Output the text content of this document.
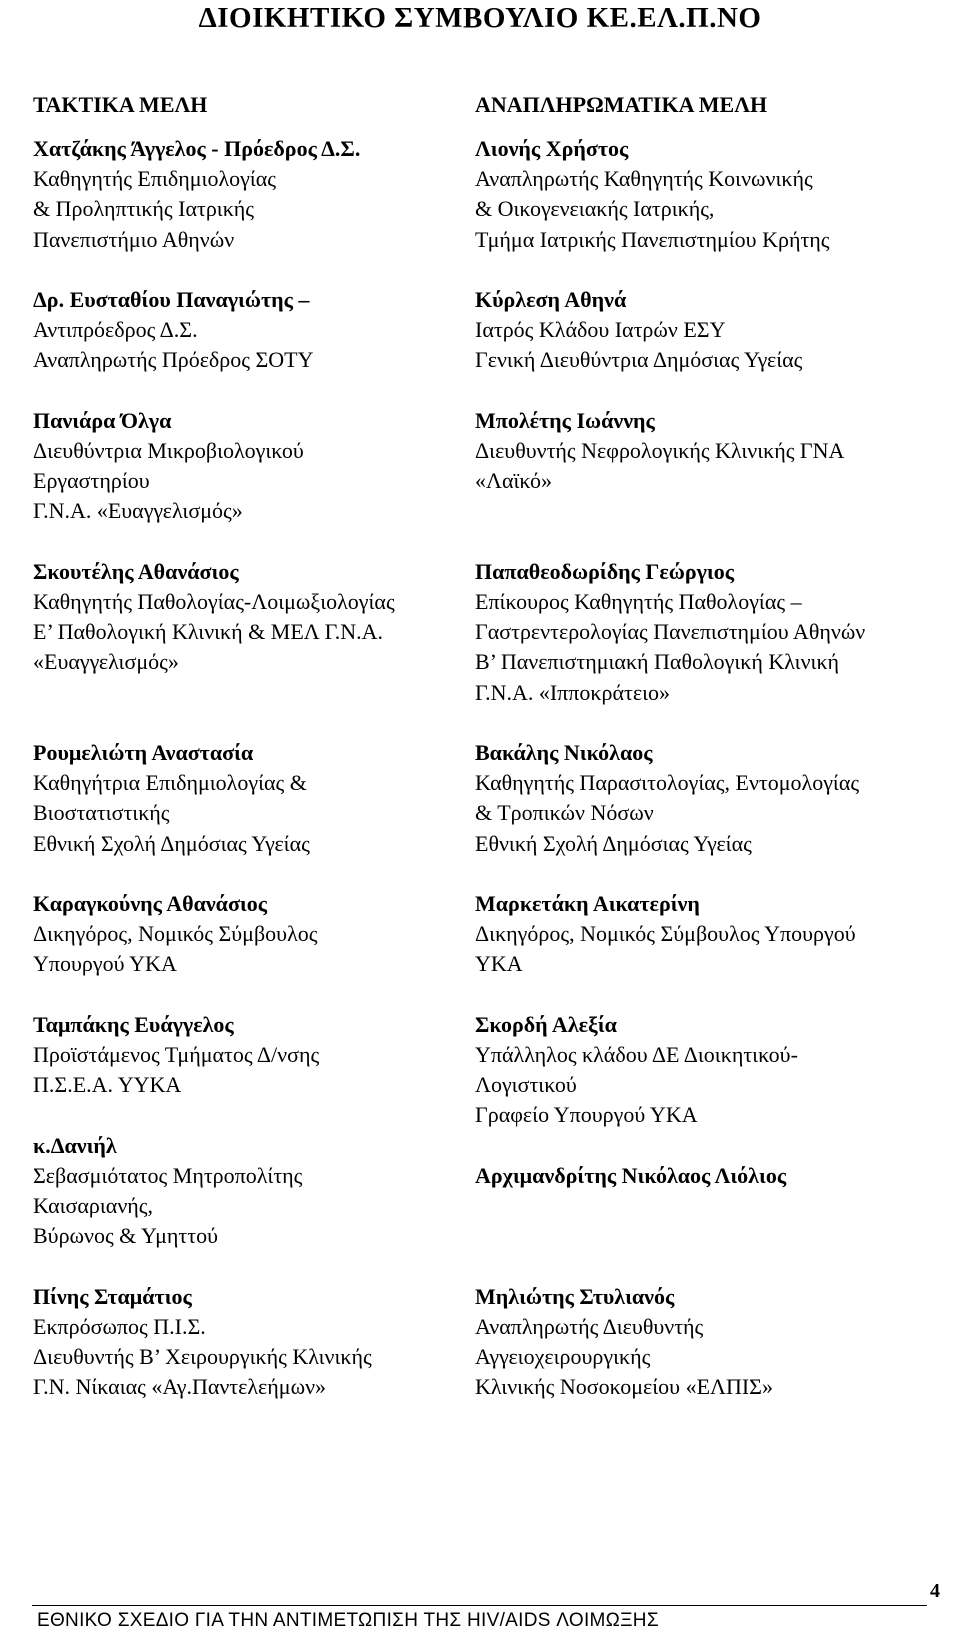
ΔΙΟΙΚΗΤΙΚΟ ΣΥΜΒΟΥΛΙΟ ΚΕ.ΕΛ.Π.ΝΟ
ΤΑΚΤΙΚΑ ΜΕΛΗ
Χατζάκης Άγγελος - Πρόεδρος Δ.Σ.
Καθηγητής Επιδημιολογίας
& Προληπτικής Ιατρικής
Πανεπιστήμιο Αθηνών
Δρ. Ευσταθίου Παναγιώτης –
Αντιπρόεδρος Δ.Σ.
Αναπληρωτής Πρόεδρος ΣΟΤΥ
Πανιάρα Όλγα
Διευθύντρια Μικροβιολογικού
Εργαστηρίου
Γ.Ν.Α. «Ευαγγελισμός»
Σκουτέλης Αθανάσιος
Καθηγητής Παθολογίας-Λοιμωξιολογίας
Ε’ Παθολογική Κλινική & ΜΕΛ Γ.Ν.Α.
«Ευαγγελισμός»

Ρουμελιώτη Αναστασία
Καθηγήτρια Επιδημιολογίας &
Βιοστατιστικής
Εθνική Σχολή Δημόσιας Υγείας
Καραγκούνης Αθανάσιος
Δικηγόρος, Νομικός Σύμβουλος
Υπουργού ΥΚΑ
Ταμπάκης Ευάγγελος
Προϊστάμενος Τμήματος Δ/νσης
Π.Σ.Ε.Α. ΥΥΚΑ
κ.Δανιήλ
Σεβασμιότατος Μητροπολίτης
Καισαριανής,
Βύρωνος & Υμηττού
Πίνης Σταμάτιος
Εκπρόσωπος Π.Ι.Σ.
Διευθυντής Β’ Χειρουργικής Κλινικής
Γ.Ν. Νίκαιας «Αγ.Παντελεήμων»
ΑΝΑΠΛΗΡΩΜΑΤΙΚΑ ΜΕΛΗ
Λιονής Χρήστος
Αναπληρωτής Καθηγητής Κοινωνικής
& Οικογενειακής Ιατρικής,
Τμήμα Ιατρικής Πανεπιστημίου Κρήτης
Κύρλεση Αθηνά
Ιατρός Κλάδου Ιατρών ΕΣΥ
Γενική Διευθύντρια Δημόσιας Υγείας
Μπολέτης Ιωάννης
Διευθυντής Νεφρολογικής Κλινικής ΓΝΑ
«Λαϊκό»

Παπαθεοδωρίδης Γεώργιος
Επίκουρος Καθηγητής Παθολογίας –
Γαστρεντερολογίας Πανεπιστημίου Αθηνών
Β’ Πανεπιστημιακή Παθολογική Κλινική
Γ.Ν.Α. «Ιπποκράτειο»
Βακάλης Νικόλαος
Καθηγητής Παρασιτολογίας, Εντομολογίας
& Τροπικών Νόσων
Εθνική Σχολή Δημόσιας Υγείας
Μαρκετάκη Αικατερίνη
Δικηγόρος, Νομικός Σύμβουλος Υπουργού
ΥΚΑ
Σκορδή Αλεξία
Υπάλληλος κλάδου ΔΕ Διοικητικού-
Λογιστικού
Γραφείο Υπουργού ΥΚΑ
Αρχιμανδρίτης Νικόλαος Λιόλιος

Μηλιώτης Στυλιανός
Αναπληρωτής Διευθυντής
Αγγειοχειρουργικής
Κλινικής Νοσοκομείου «ΕΛΠΙΣ»
4
ΕΘΝΙΚΟ ΣΧΕΔΙΟ ΓΙΑ ΤΗΝ ΑΝΤΙΜΕΤΩΠΙΣΗ ΤΗΣ HIV/AIDS ΛΟΙΜΩΞΗΣ
